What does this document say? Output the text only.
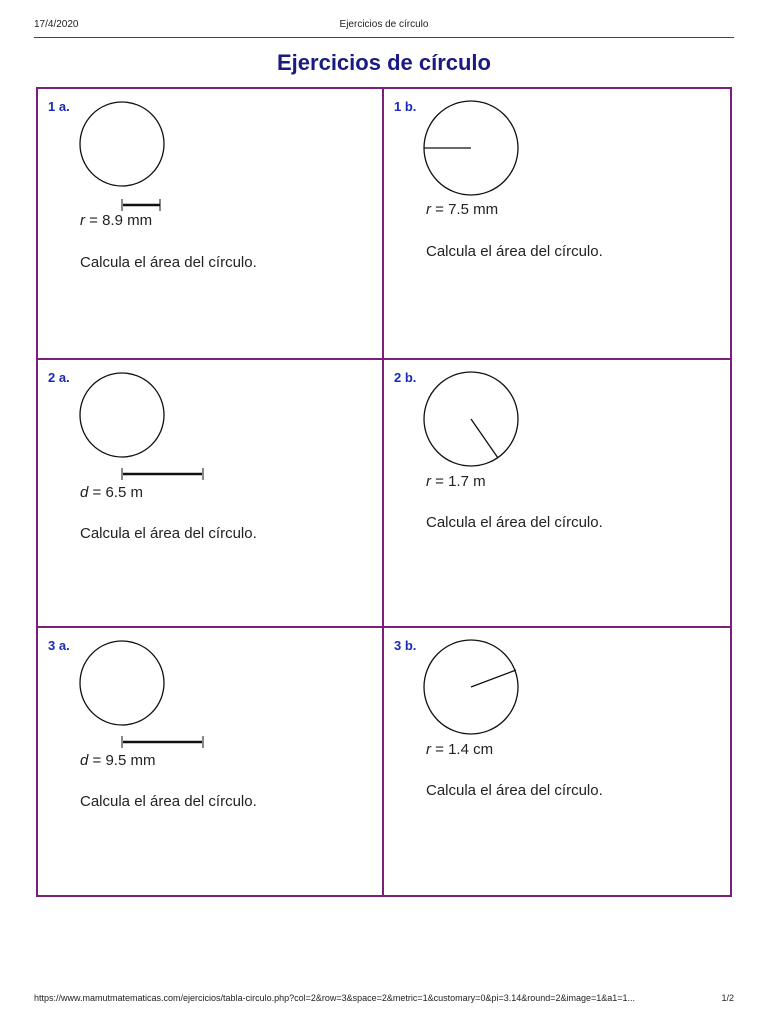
17/4/2020	Ejercicios de círculo
Ejercicios de círculo
1 a.
r = 8.9 mm
Calcula el área del círculo.
1 b.
r = 7.5 mm
Calcula el área del círculo.
2 a.
d = 6.5 m
Calcula el área del círculo.
2 b.
r = 1.7 m
Calcula el área del círculo.
3 a.
d = 9.5 mm
Calcula el área del círculo.
3 b.
r = 1.4 cm
Calcula el área del círculo.
https://www.mamutmatematicas.com/ejercicios/tabla-circulo.php?col=2&row=3&space=2&metric=1&customary=0&pi=3.14&round=2&image=1&a1=1...	1/2
